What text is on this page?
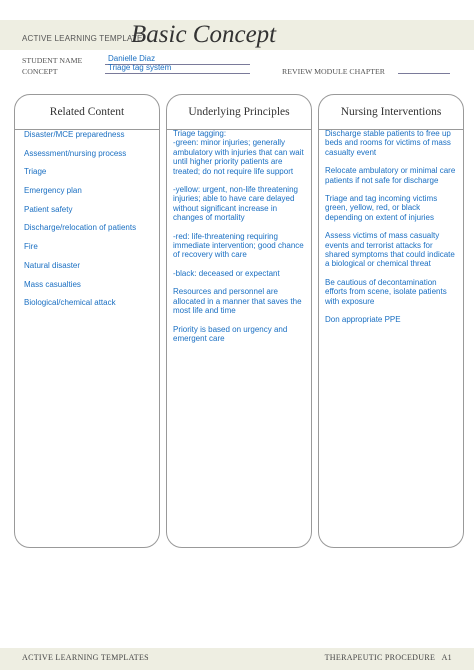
ACTIVE LEARNING TEMPLATE:
Basic Concept
STUDENT NAME	Danielle Diaz
CONCEPT	Triage tag system	REVIEW MODULE CHAPTER
Related Content
Disaster/MCE preparedness
Assessment/nursing process
Triage
Emergency plan
Patient safety
Discharge/relocation of patients
Fire
Natural disaster
Mass casualties
Biological/chemical attack
Underlying Principles
Triage tagging:
-green: minor injuries; generally ambulatory with injuries that can wait until higher priority patients are treated; do not require life support
-yellow: urgent, non-life threatening injuries; able to have care delayed without significant increase in changes of mortality
-red: life-threatening requiring immediate intervention; good chance of recovery with care
-black: deceased or expectant
Resources and personnel are allocated in a manner that saves the most life and time
Priority is based on urgency and emergent care
Nursing Interventions
Discharge stable patients to free up beds and rooms for victims of mass casualty event
Relocate ambulatory or minimal care patients if not safe for discharge
Triage and tag incoming victims green, yellow, red, or black depending on extent of injuries
Assess victims of mass casualty events and terrorist attacks for shared symptoms that could indicate a biological or chemical threat
Be cautious of decontamination efforts from scene, isolate patients with exposure
Don appropriate PPE
ACTIVE LEARNING TEMPLATES	THERAPEUTIC PROCEDURE   A1
